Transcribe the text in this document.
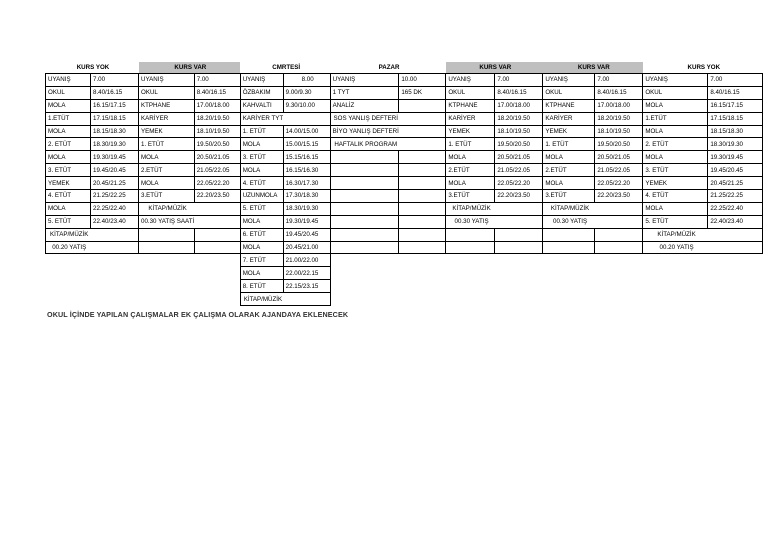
KURS YOK		KURS VAR		CMRTESİ		PAZAR		KURS VAR		KURS VAR		KURS YOK	
UYANIŞ	7.00	UYANIŞ	7.00	UYANIŞ	8.00	UYANIŞ	10.00	UYANIŞ	7.00	UYANIŞ	7.00	UYANIŞ	7.00
OKUL	8.40/16.15	OKUL	8.40/16.15	ÖZBAKIM	9.00/9.30	1 TYT	165 DK	OKUL	8.40/16.15	OKUL	8.40/16.15	OKUL	8.40/16.15
MOLA	16.15/17.15	KTPHANE	17.00/18.00	KAHVALTI	9.30/10.00	ANALİZ		KTPHANE	17.00/18.00	KTPHANE	17.00/18.00	MOLA	16.15/17.15
1.ETÜT	17.15/18.15	KARİYER	18.20/19.50	KARİYER TYT		SOS YANLIŞ DEFTERİ		KARİYER	18.20/19.50	KARİYER	18.20/19.50	1.ETÜT	17.15/18.15
MOLA	18.15/18.30	YEMEK	18.10/19.50	1. ETÜT	14.00/15.00	BİYO YANLIŞ DEFTERİ		YEMEK	18.10/19.50	YEMEK	18.10/19.50	MOLA	18.15/18.30
2. ETÜT	18.30/19.30	1. ETÜT	19.50/20.50	MOLA	15.00/15.15	HAFTALIK PROGRAM		1. ETÜT	19.50/20.50	1. ETÜT	19.50/20.50	2. ETÜT	18.30/19.30
MOLA	19.30/19.45	MOLA	20.50/21.05	3. ETÜT	15.15/16.15			MOLA	20.50/21.05	MOLA	20.50/21.05	MOLA	19.30/19.45
3. ETÜT	19.45/20.45	2.ETÜT	21.05/22.05	MOLA	16.15/16.30			2.ETÜT	21.05/22.05	2.ETÜT	21.05/22.05	3. ETÜT	19.45/20.45
YEMEK	20.45/21.25	MOLA	22.05/22.20	4. ETÜT	16.30/17.30			MOLA	22.05/22.20	MOLA	22.05/22.20	YEMEK	20.45/21.25
4. ETÜT	21.25/22.25	3.ETÜT	22.20/23.50	UZUNMOLA	17.30/18.30			3.ETÜT	22.20/23.50	3.ETÜT	22.20/23.50	4. ETÜT	21.25/22.25
MOLA	22.25/22.40	KİTAP/MÜZİK		5. ETÜT	18.30/19.30			KİTAP/MÜZİK		KİTAP/MÜZİK		MOLA	22.25/22.40
5. ETÜT	22.40/23.40	00.30 YATIŞ SAATİ		MOLA	19.30/19.45			00.30 YATIŞ		00.30 YATIŞ		5. ETÜT	22.40/23.40
KİTAP/MÜZİK				6. ETÜT	19.45/20.45							KİTAP/MÜZİK	
00.20 YATIŞ				MOLA	20.45/21.00							00.20 YATIŞ	
				7. ETÜT	21.00/22.00								
				MOLA	22.00/22.15								
				8. ETÜT	22.15/23.15								
				KİTAP/MÜZİK									
OKUL İÇİNDE YAPILAN ÇALIŞMALAR EK ÇALIŞMA OLARAK AJANDAYA EKLENECEK
